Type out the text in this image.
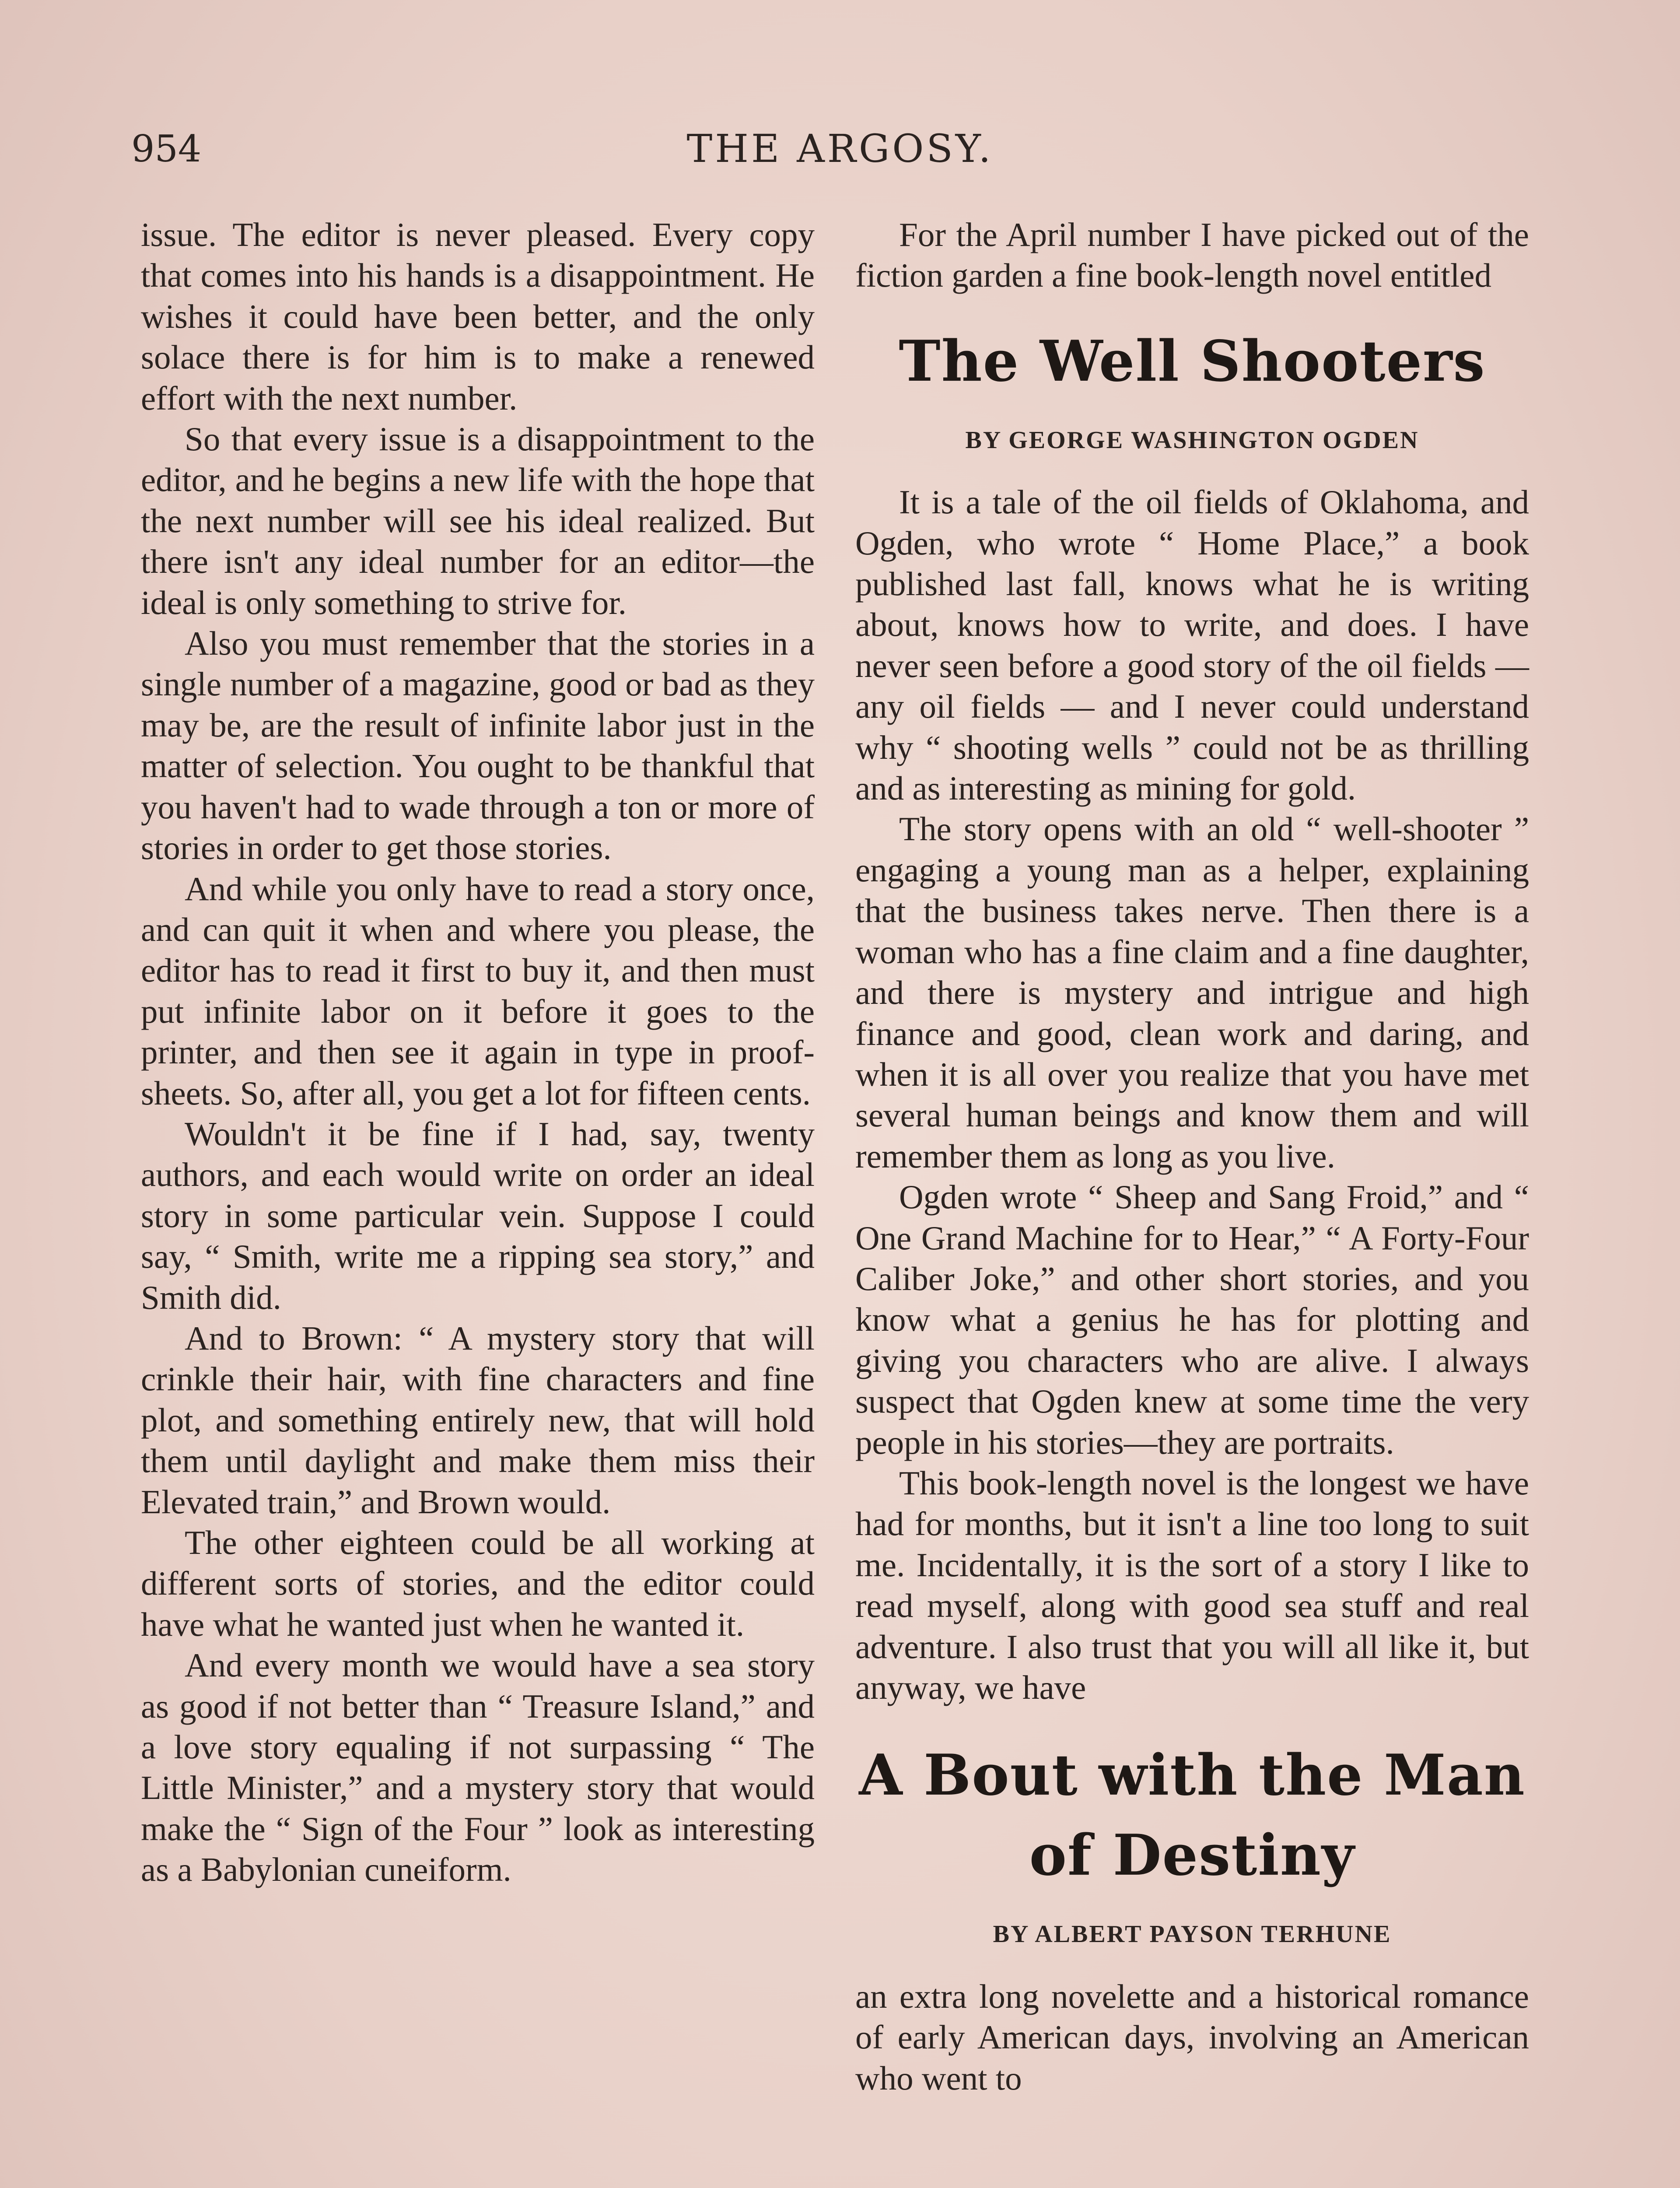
954	THE ARGOSY.

issue. The editor is never pleased. Every copy that comes into his hands is a disappointment. He wishes it could have been better, and the only solace there is for him is to make a renewed effort with the next number.

So that every issue is a disappointment to the editor, and he begins a new life with the hope that the next number will see his ideal realized. But there isn't any ideal number for an editor—the ideal is only something to strive for.

Also you must remember that the stories in a single number of a magazine, good or bad as they may be, are the result of infinite labor just in the matter of selection. You ought to be thankful that you haven't had to wade through a ton or more of stories in order to get those stories.

And while you only have to read a story once, and can quit it when and where you please, the editor has to read it first to buy it, and then must put infinite labor on it before it goes to the printer, and then see it again in type in proof-sheets. So, after all, you get a lot for fifteen cents.

Wouldn't it be fine if I had, say, twenty authors, and each would write on order an ideal story in some particular vein. Suppose I could say, “ Smith, write me a ripping sea story,” and Smith did.

And to Brown: “ A mystery story that will crinkle their hair, with fine characters and fine plot, and something entirely new, that will hold them until daylight and make them miss their Elevated train,” and Brown would.

The other eighteen could be all working at different sorts of stories, and the editor could have what he wanted just when he wanted it.

And every month we would have a sea story as good if not better than “ Treasure Island,” and a love story equaling if not surpassing “ The Little Minister,” and a mystery story that would make the “ Sign of the Four ” look as interesting as a Babylonian cuneiform.

For the April number I have picked out of the fiction garden a fine book-length novel entitled

The Well Shooters
BY GEORGE WASHINGTON OGDEN

It is a tale of the oil fields of Oklahoma, and Ogden, who wrote “ Home Place,” a book published last fall, knows what he is writing about, knows how to write, and does. I have never seen before a good story of the oil fields — any oil fields — and I never could understand why “ shooting wells ” could not be as thrilling and as interesting as mining for gold.

The story opens with an old “ well-shooter ” engaging a young man as a helper, explaining that the business takes nerve. Then there is a woman who has a fine claim and a fine daughter, and there is mystery and intrigue and high finance and good, clean work and daring, and when it is all over you realize that you have met several human beings and know them and will remember them as long as you live.

Ogden wrote “ Sheep and Sang Froid,” and “ One Grand Machine for to Hear,” “ A Forty-Four Caliber Joke,” and other short stories, and you know what a genius he has for plotting and giving you characters who are alive. I always suspect that Ogden knew at some time the very people in his stories—they are portraits.

This book-length novel is the longest we have had for months, but it isn't a line too long to suit me. Incidentally, it is the sort of a story I like to read myself, along with good sea stuff and real adventure. I also trust that you will all like it, but anyway, we have

A Bout with the Man
of Destiny
BY ALBERT PAYSON TERHUNE

an extra long novelette and a historical romance of early American days, involving an American who went to
